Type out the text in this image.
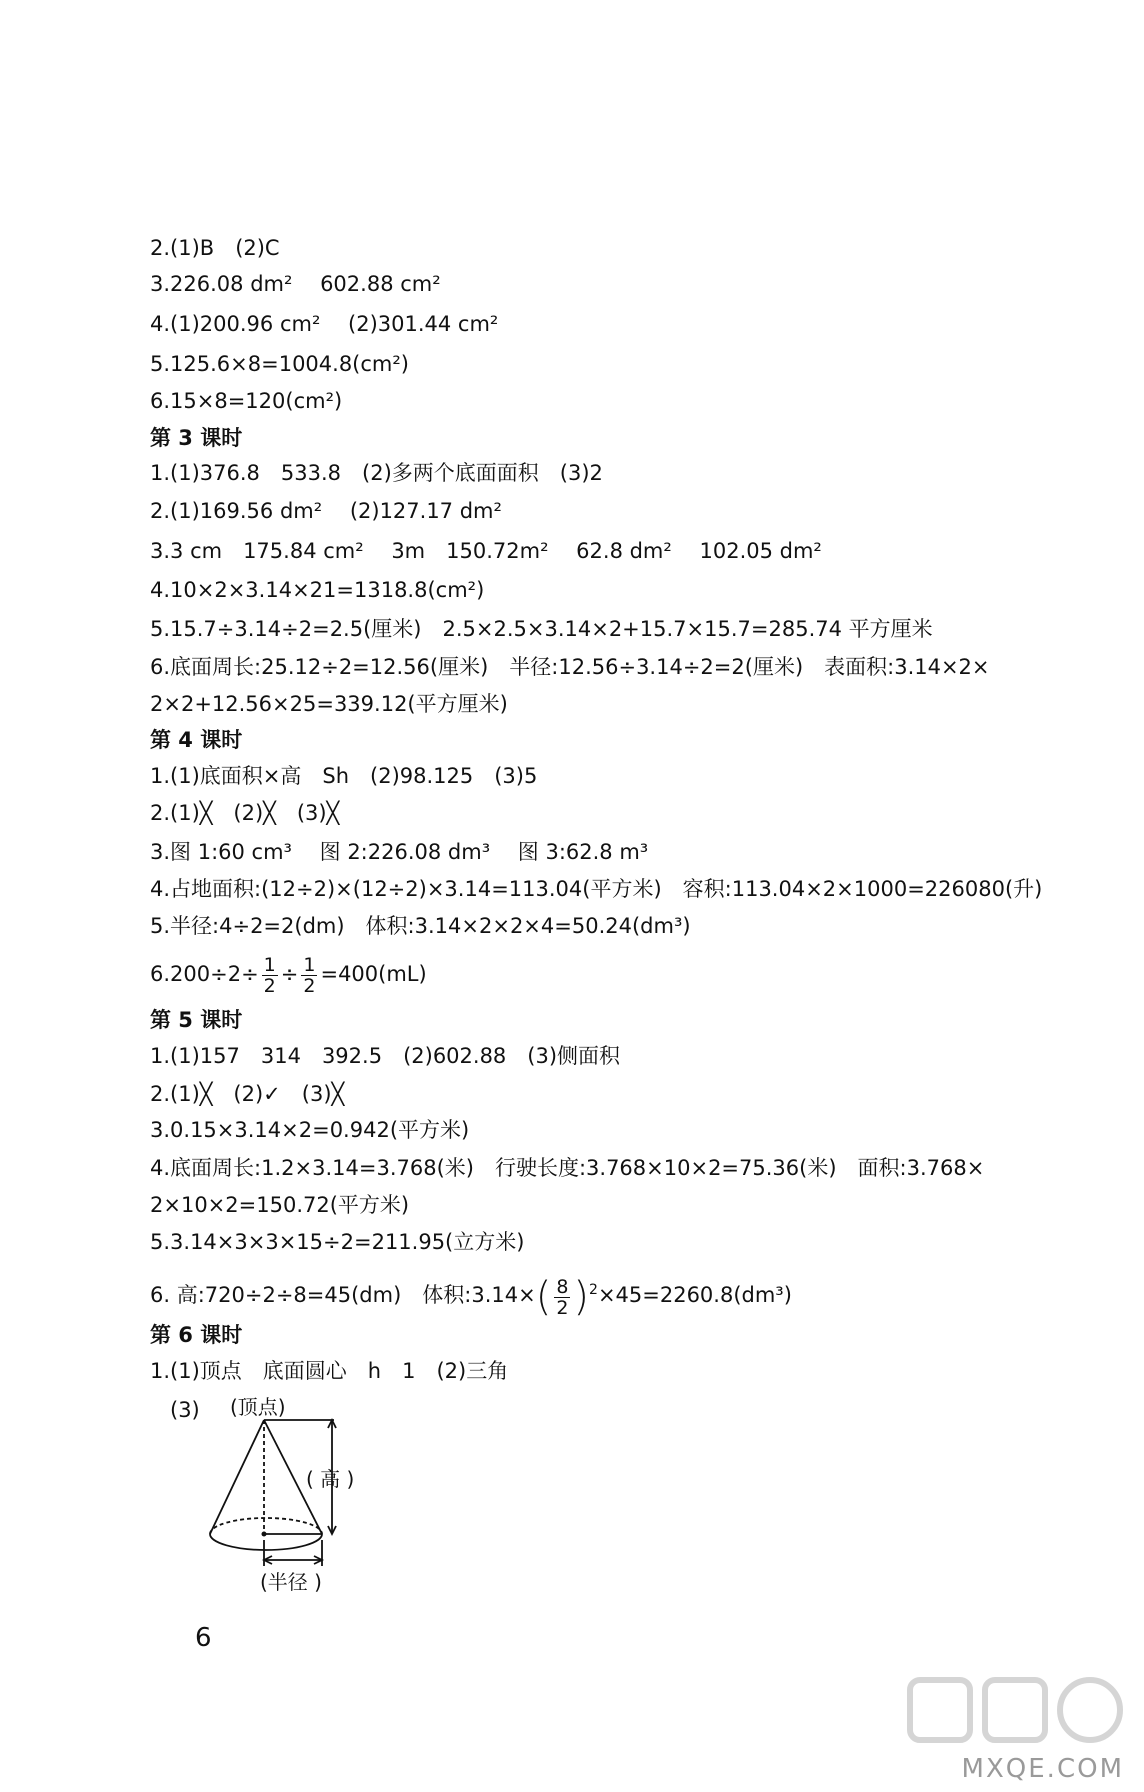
2.(1)B　(2)C
3.226.08 dm² 　602.88 cm²
4.(1)200.96 cm² 　(2)301.44 cm²
5.125.6×8=1004.8(cm²)
6.15×8=120(cm²)
第 3 课时
1.(1)376.8　533.8　(2)多两个底面面积　(3)2
2.(1)169.56 dm² 　(2)127.17 dm²
3.3 cm　175.84 cm² 　3m　150.72m² 　62.8 dm² 　102.05 dm²
4.10×2×3.14×21=1318.8(cm²)
5.15.7÷3.14÷2=2.5(厘米)　2.5×2.5×3.14×2+15.7×15.7=285.74 平方厘米
6.底面周长:25.12÷2=12.56(厘米)　半径:12.56÷3.14÷2=2(厘米)　表面积:3.14×2×
2×2+12.56×25=339.12(平方厘米)
第 4 课时
1.(1)底面积×高　Sh　(2)98.125　(3)5
2.(1)╳　(2)╳　(3)╳
3.图 1:60 cm³ 　图 2:226.08 dm³ 　图 3:62.8 m³
4.占地面积:(12÷2)×(12÷2)×3.14=113.04(平方米)　容积:113.04×2×1000=226080(升)
5.半径:4÷2=2(dm)　体积:3.14×2×2×4=50.24(dm³)
$6.200\div 2\div \frac{1}{2} \div \frac{1}{2} =400(mL)$
第 5 课时
1.(1)157　314　392.5　(2)602.88　(3)侧面积
2.(1)╳　(2)✓　(3)╳
3.0.15×3.14×2=0.942(平方米)
4.底面周长:1.2×3.14=3.768(米)　行驶长度:3.768×10×2=75.36(米)　面积:3.768×
2×10×2=150.72(平方米)
5.3.14×3×3×15÷2=211.95(立方米)
6. 高:720÷2÷8=45(dm)　体积:3.14×( $\frac{8}{2} )^2\times 45=2260.8(dm^3)$
第 6 课时
1.(1)顶点　底面圆心　h　1　(2)三角
(3) (顶点)
( 高 )
(半径 )
6
MXQE.COM
